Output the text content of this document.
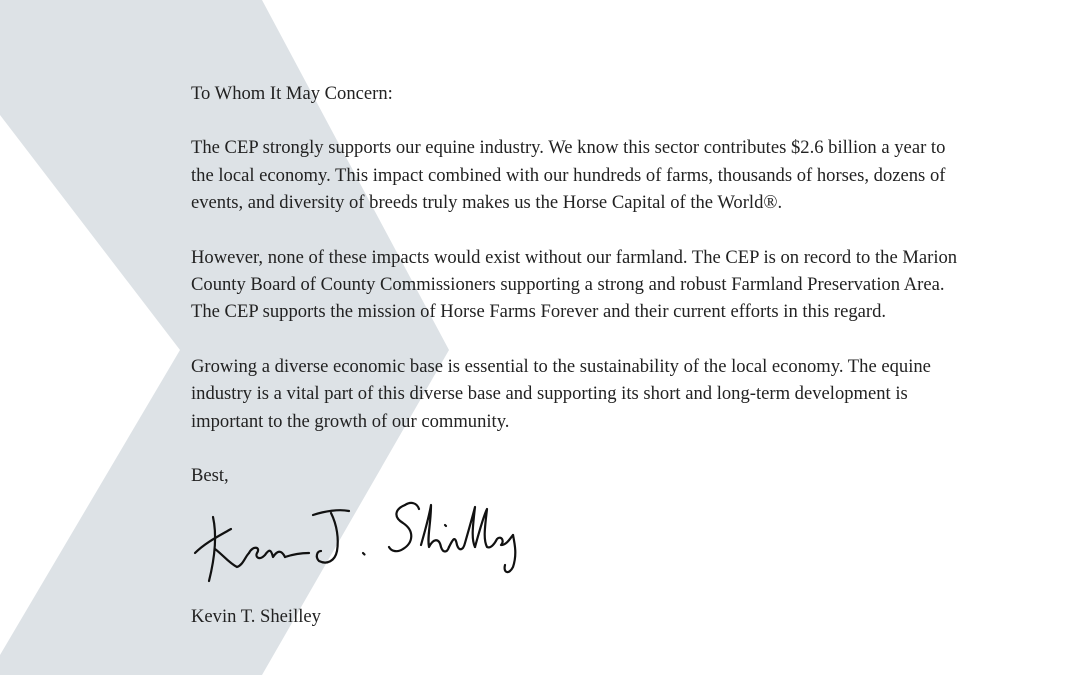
To Whom It May Concern:

The CEP strongly supports our equine industry. We know this sector contributes $2.6 billion a year to the local economy. This impact combined with our hundreds of farms, thousands of horses, dozens of events, and diversity of breeds truly makes us the Horse Capital of the World®.

However, none of these impacts would exist without our farmland. The CEP is on record to the Marion County Board of County Commissioners supporting a strong and robust Farmland Preservation Area. The CEP supports the mission of Horse Farms Forever and their current efforts in this regard.

Growing a diverse economic base is essential to the sustainability of the local economy. The equine industry is a vital part of this diverse base and supporting its short and long-term development is important to the growth of our community.

Best,

Kevin T. Sheilley
